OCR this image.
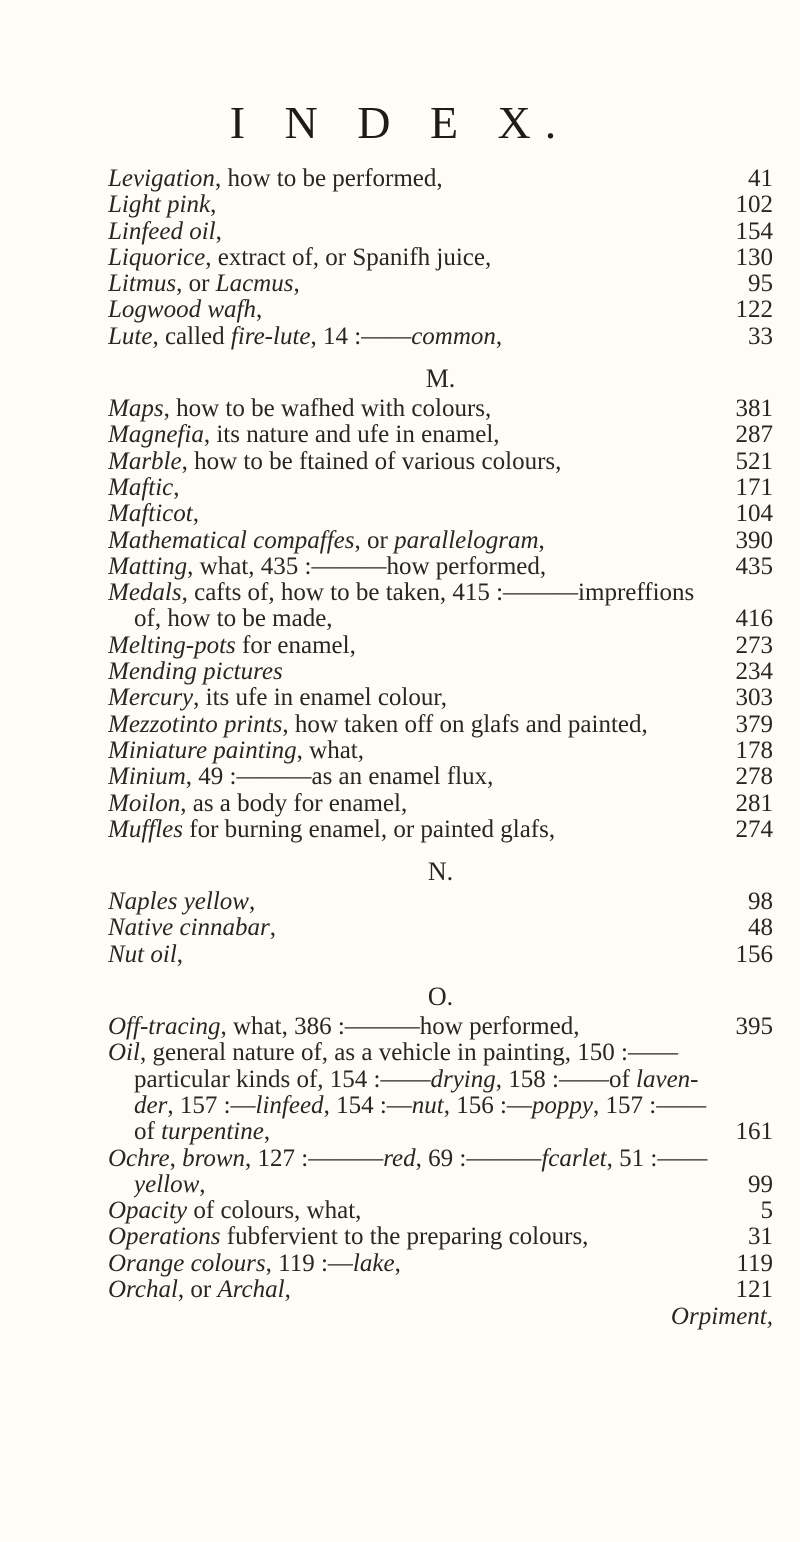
I N D E X.
Levigation, how to be performed,	41
Light pink,	102
Linfeed oil,	154
Liquorice, extract of, or Spanifh juice,	130
Litmus, or Lacmus,	95
Logwood wafh,	122
Lute, called fire-lute, 14 :——common,	33
M.
Maps, how to be wafhed with colours,	381
Magnefia, its nature and ufe in enamel,	287
Marble, how to be ftained of various colours,	521
Maftic,	171
Mafticot,	104
Mathematical compaffes, or parallelogram,	390
Matting, what, 435 :———how performed,	435
Medals, cafts of, how to be taken, 415 :———impreffions
of, how to be made,	416
Melting-pots for enamel,	273
Mending pictures	234
Mercury, its ufe in enamel colour,	303
Mezzotinto prints, how taken off on glafs and painted,	379
Miniature painting, what,	178
Minium, 49 :———as an enamel flux,	278
Moilon, as a body for enamel,	281
Muffles for burning enamel, or painted glafs,	274
N.
Naples yellow,	98
Native cinnabar,	48
Nut oil,	156
O.
Off-tracing, what, 386 :———how performed,	395
Oil, general nature of, as a vehicle in painting, 150 :——
particular kinds of, 154 :——drying, 158 :——of laven-
der, 157 :—linfeed, 154 :—nut, 156 :—poppy, 157 :——
of turpentine,	161
Ochre, brown, 127 :———red, 69 :———fcarlet, 51 :——
yellow,	99
Opacity of colours, what,	5
Operations fubfervient to the preparing colours,	31
Orange colours, 119 :—lake,	119
Orchal, or Archal,	121
Orpiment,
